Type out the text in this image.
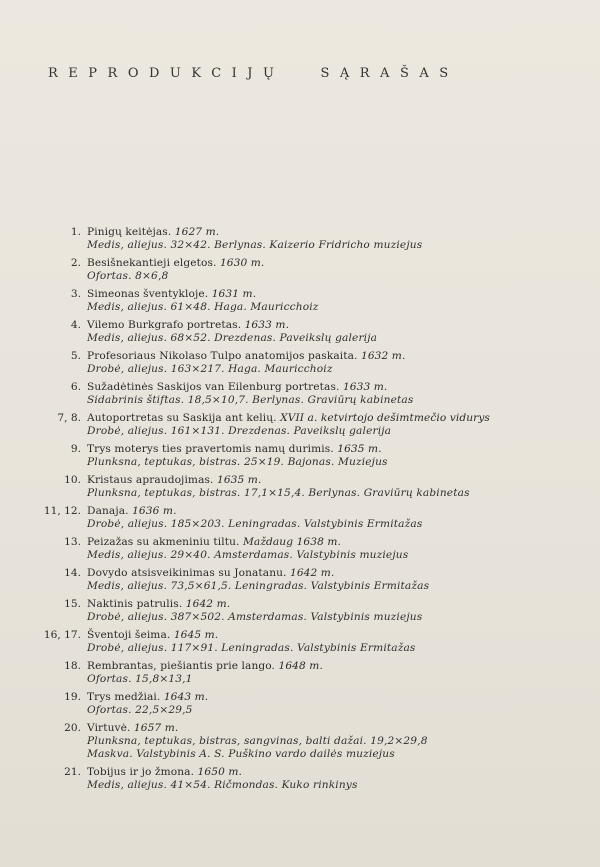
REPRODUKCIJŲ	SĄRAŠAS
1. Pinigų keitėjas. 1627 m.
Medis, aliejus. 32×42. Berlynas. Kaizerio Fridricho muziejus
2. Besišnekantieji elgetos. 1630 m.
Ofortas. 8×6,8
3. Simeonas šventykloje. 1631 m.
Medis, aliejus. 61×48. Haga. Mauricchoiz
4. Vilemo Burkgrafo portretas. 1633 m.
Medis, aliejus. 68×52. Drezdenas. Paveikslų galerija
5. Profesoriaus Nikolaso Tulpo anatomijos paskaita. 1632 m.
Drobė, aliejus. 163×217. Haga. Mauricchoiz
6. Sužadėtinės Saskijos van Eilenburg portretas. 1633 m.
Sidabrinis štiftas. 18,5×10,7. Berlynas. Graviūrų kabinetas
7, 8. Autoportretas su Saskija ant kelių. XVII a. ketvirtojo dešimtmečio vidurys
Drobė, aliejus. 161×131. Drezdenas. Paveikslų galerija
9. Trys moterys ties pravertomis namų durimis. 1635 m.
Plunksna, teptukas, bistras. 25×19. Bajonas. Muziejus
10. Kristaus apraudojimas. 1635 m.
Plunksna, teptukas, bistras. 17,1×15,4. Berlynas. Graviūrų kabinetas
11, 12. Danaja. 1636 m.
Drobė, aliejus. 185×203. Leningradas. Valstybinis Ermitažas
13. Peizažas su akmeniniu tiltu. Maždaug 1638 m.
Medis, aliejus. 29×40. Amsterdamas. Valstybinis muziejus
14. Dovydo atsisveikinimas su Jonatanu. 1642 m.
Medis, aliejus. 73,5×61,5. Leningradas. Valstybinis Ermitažas
15. Naktinis patrulis. 1642 m.
Drobė, aliejus. 387×502. Amsterdamas. Valstybinis muziejus
16, 17. Šventoji šeima. 1645 m.
Drobė, aliejus. 117×91. Leningradas. Valstybinis Ermitažas
18. Rembrantas, piešiantis prie lango. 1648 m.
Ofortas. 15,8×13,1
19. Trys medžiai. 1643 m.
Ofortas. 22,5×29,5
20. Virtuvė. 1657 m.
Plunksna, teptukas, bistras, sangvinas, balti dažai. 19,2×29,8
Maskva. Valstybinis A. S. Puškino vardo dailės muziejus
21. Tobijus ir jo žmona. 1650 m.
Medis, aliejus. 41×54. Ričmondas. Kuko rinkinys
